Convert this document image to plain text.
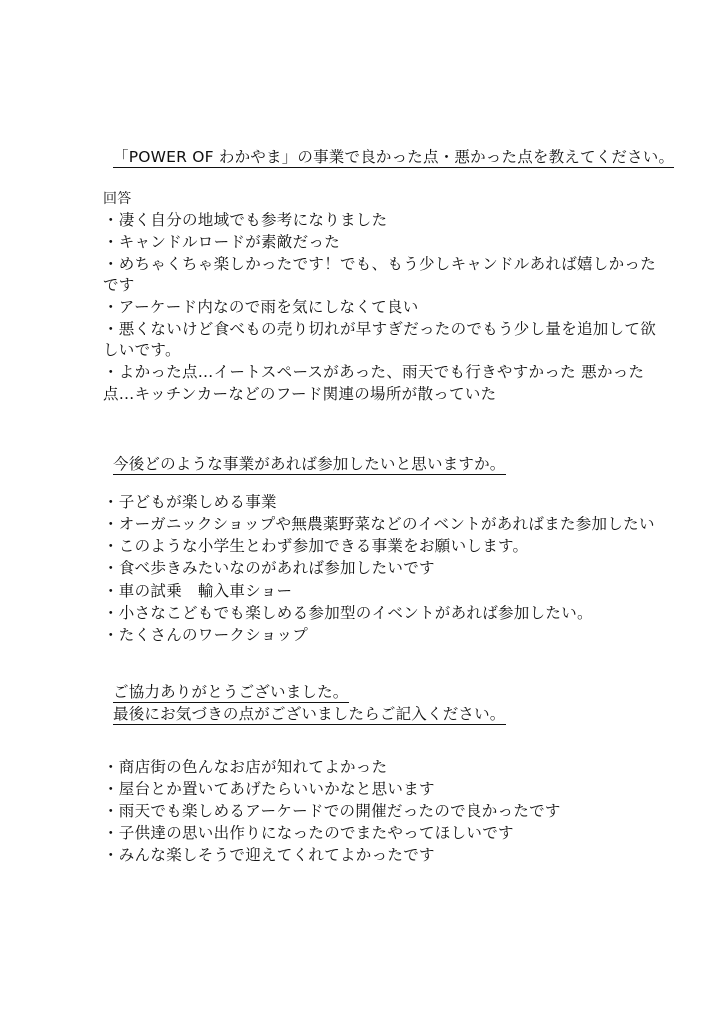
「POWER OF わかやま」の事業で良かった点・悪かった点を教えてください。
回答
・凄く自分の地域でも参考になりました
・キャンドルロードが素敵だった
・めちゃくちゃ楽しかったです！でも、もう少しキャンドルあれば嬉しかった
です
・アーケード内なので雨を気にしなくて良い
・悪くないけど食べもの売り切れが早すぎだったのでもう少し量を追加して欲
しいです。
・よかった点…イートスペースがあった、雨天でも行きやすかった 悪かった
点…キッチンカーなどのフード関連の場所が散っていた
今後どのような事業があれば参加したいと思いますか。
・子どもが楽しめる事業
・オーガニックショップや無農薬野菜などのイベントがあればまた参加したい
・このような小学生とわず参加できる事業をお願いします。
・食べ歩きみたいなのがあれば参加したいです
・車の試乗　輸入車ショー
・小さなこどもでも楽しめる参加型のイベントがあれば参加したい。
・たくさんのワークショップ
ご協力ありがとうございました。
最後にお気づきの点がございましたらご記入ください。
・商店街の色んなお店が知れてよかった
・屋台とか置いてあげたらいいかなと思います
・雨天でも楽しめるアーケードでの開催だったので良かったです
・子供達の思い出作りになったのでまたやってほしいです
・みんな楽しそうで迎えてくれてよかったです
